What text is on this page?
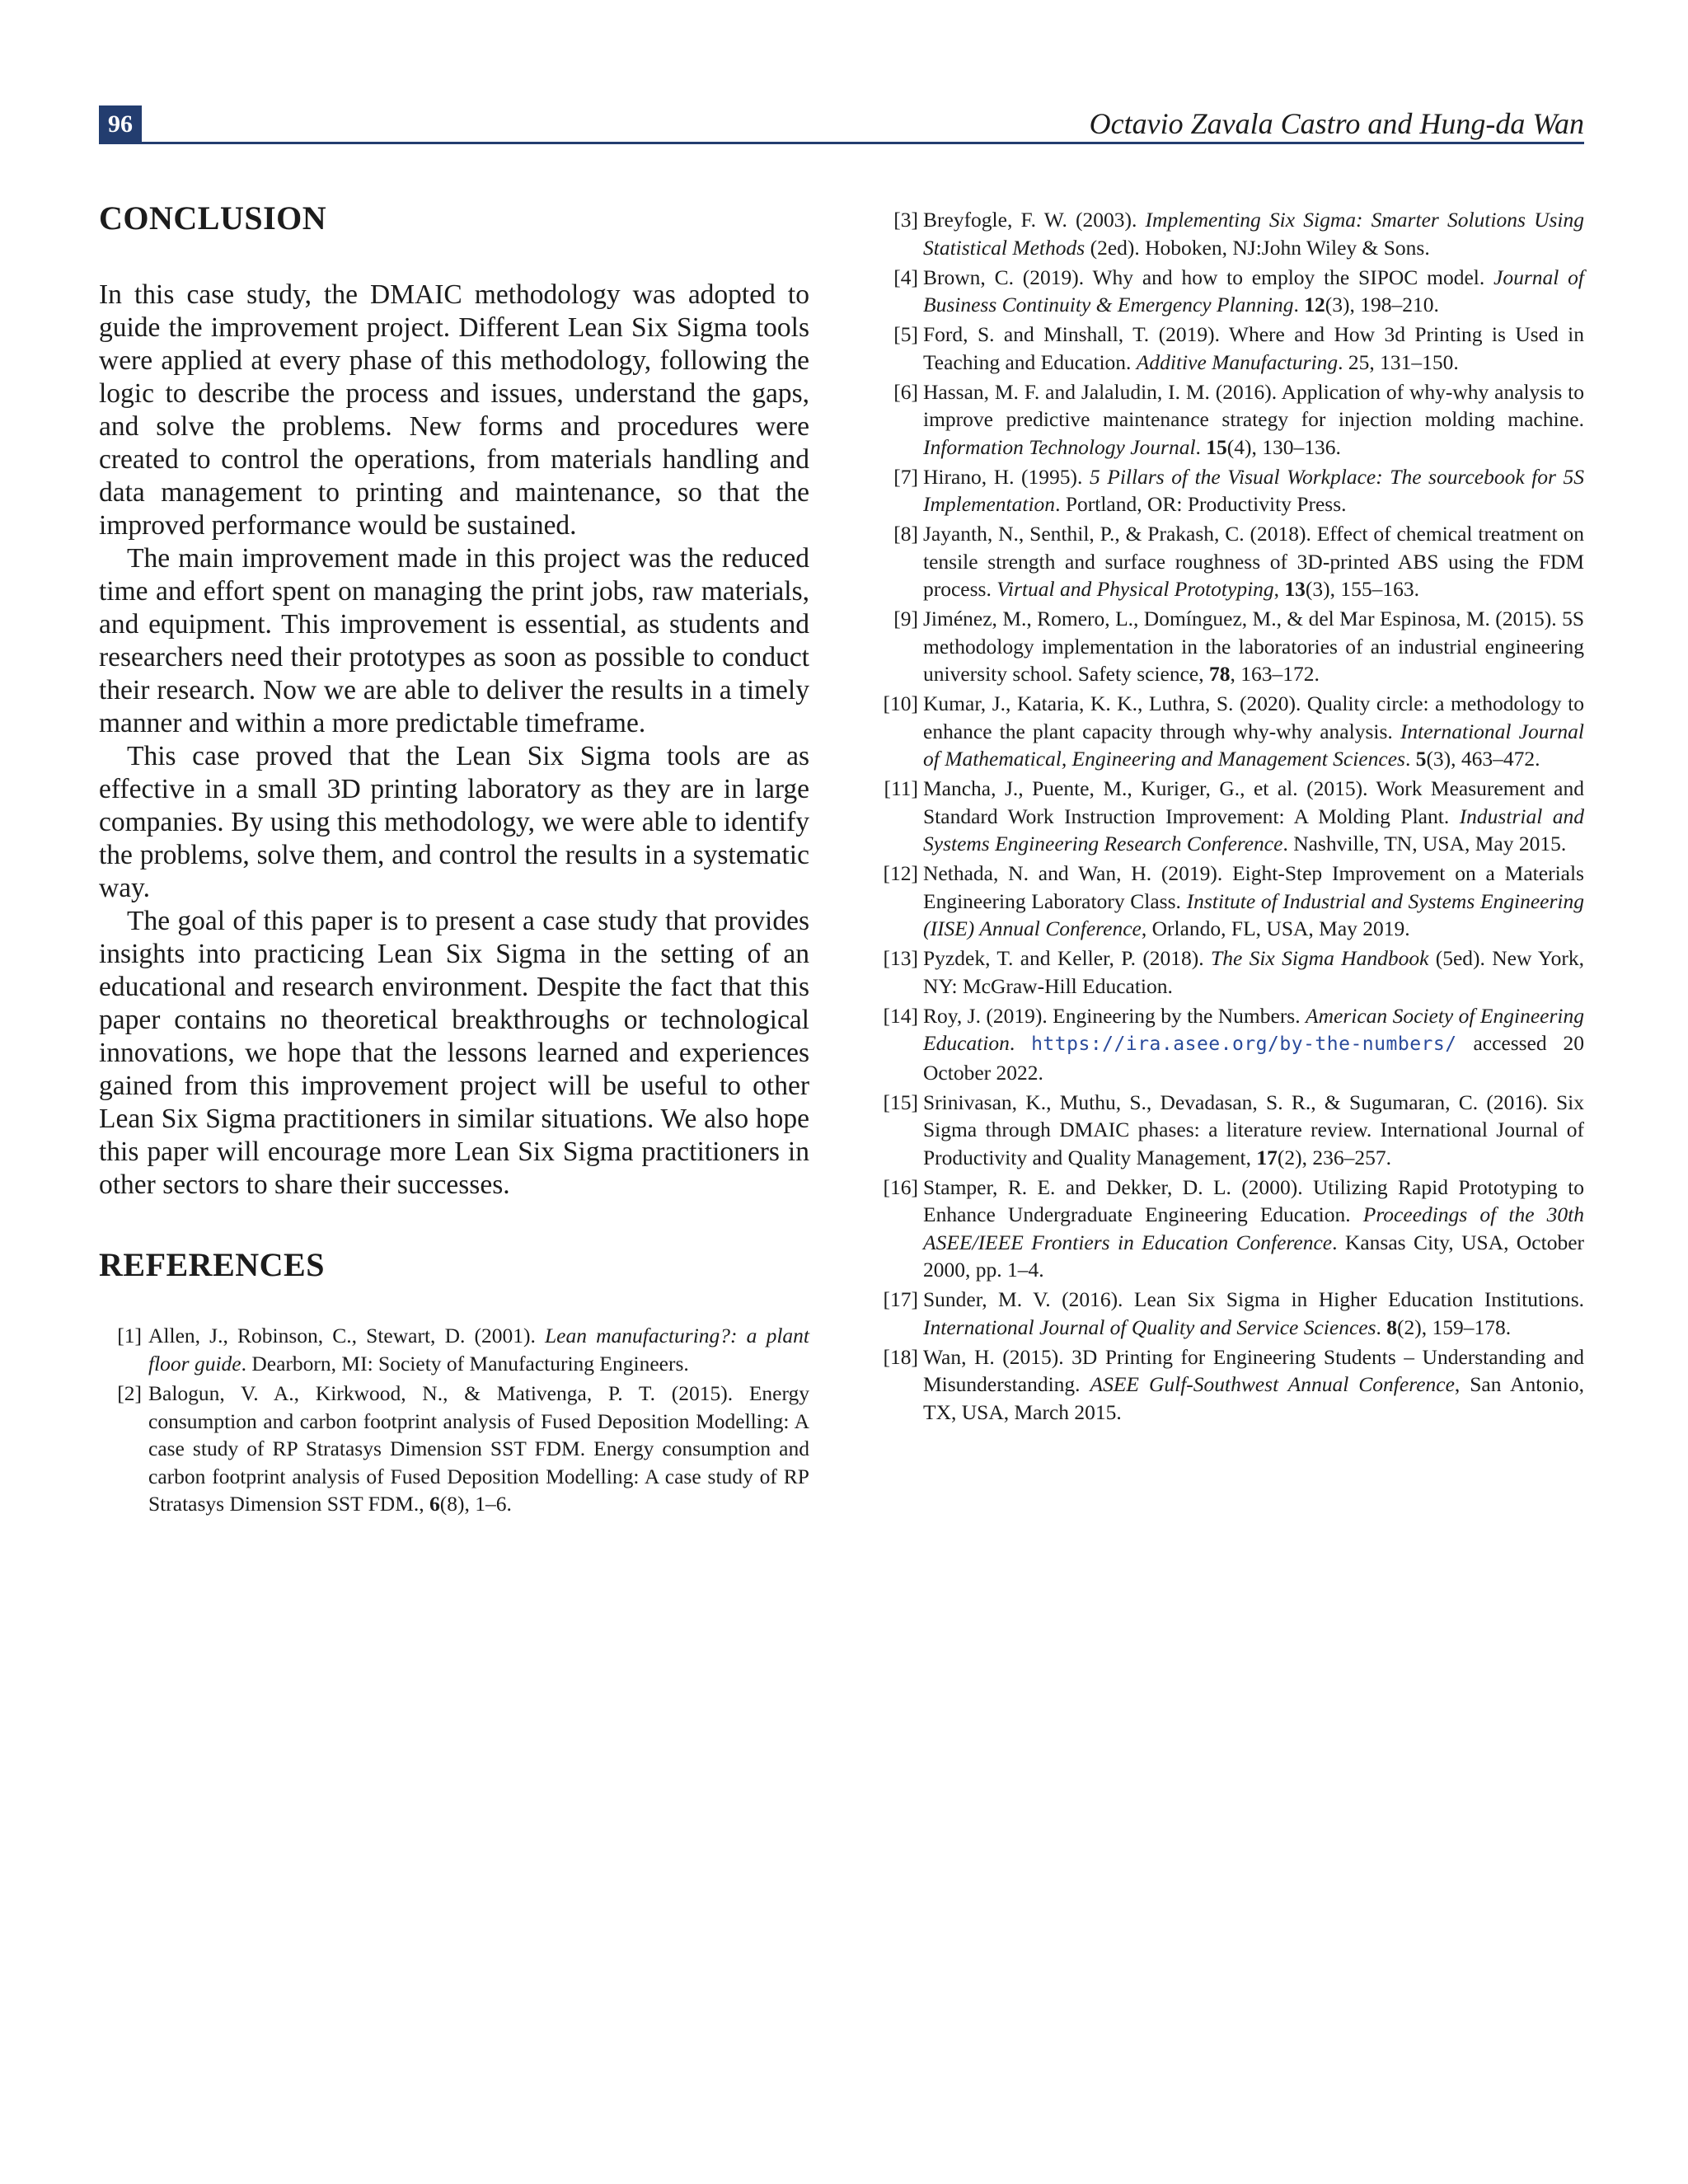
96	Octavio Zavala Castro and Hung-da Wan
CONCLUSION

In this case study, the DMAIC methodology was adopted to guide the improvement project. Different Lean Six Sigma tools were applied at every phase of this methodology, following the logic to describe the process and issues, understand the gaps, and solve the problems. New forms and procedures were created to control the operations, from materials handling and data management to printing and maintenance, so that the improved performance would be sustained.

The main improvement made in this project was the reduced time and effort spent on managing the print jobs, raw materials, and equipment. This improvement is essential, as students and researchers need their prototypes as soon as possible to conduct their research. Now we are able to deliver the results in a timely manner and within a more predictable timeframe.

This case proved that the Lean Six Sigma tools are as effective in a small 3D printing laboratory as they are in large companies. By using this methodology, we were able to identify the problems, solve them, and control the results in a systematic way.

The goal of this paper is to present a case study that provides insights into practicing Lean Six Sigma in the setting of an educational and research environment. Despite the fact that this paper contains no theoretical breakthroughs or technological innovations, we hope that the lessons learned and experiences gained from this improvement project will be useful to other Lean Six Sigma practitioners in similar situations. We also hope this paper will encourage more Lean Six Sigma practitioners in other sectors to share their successes.

REFERENCES
[1] Allen, J., Robinson, C., Stewart, D. (2001). Lean manufacturing?: a plant floor guide. Dearborn, MI: Society of Manufacturing Engineers.
[2] Balogun, V. A., Kirkwood, N., & Mativenga, P. T. (2015). Energy consumption and carbon footprint analysis of Fused Deposition Modelling: A case study of RP Stratasys Dimension SST FDM. Energy consumption and carbon footprint analysis of Fused Deposition Modelling: A case study of RP Stratasys Dimension SST FDM., 6(8), 1–6.
[3] Breyfogle, F. W. (2003). Implementing Six Sigma: Smarter Solutions Using Statistical Methods (2ed). Hoboken, NJ:John Wiley & Sons.
[4] Brown, C. (2019). Why and how to employ the SIPOC model. Journal of Business Continuity & Emergency Planning. 12(3), 198–210.
[5] Ford, S. and Minshall, T. (2019). Where and How 3d Printing is Used in Teaching and Education. Additive Manufacturing. 25, 131–150.
[6] Hassan, M. F. and Jalaludin, I. M. (2016). Application of why-why analysis to improve predictive maintenance strategy for injection molding machine. Information Technology Journal. 15(4), 130–136.
[7] Hirano, H. (1995). 5 Pillars of the Visual Workplace: The sourcebook for 5S Implementation. Portland, OR: Productivity Press.
[8] Jayanth, N., Senthil, P., & Prakash, C. (2018). Effect of chemical treatment on tensile strength and surface roughness of 3D-printed ABS using the FDM process. Virtual and Physical Prototyping, 13(3), 155–163.
[9] Jiménez, M., Romero, L., Domínguez, M., & del Mar Espinosa, M. (2015). 5S methodology implementation in the laboratories of an industrial engineering university school. Safety science, 78, 163–172.
[10] Kumar, J., Kataria, K. K., Luthra, S. (2020). Quality circle: a methodology to enhance the plant capacity through why-why analysis. International Journal of Mathematical, Engineering and Management Sciences. 5(3), 463–472.
[11] Mancha, J., Puente, M., Kuriger, G., et al. (2015). Work Measurement and Standard Work Instruction Improvement: A Molding Plant. Industrial and Systems Engineering Research Conference. Nashville, TN, USA, May 2015.
[12] Nethada, N. and Wan, H. (2019). Eight-Step Improvement on a Materials Engineering Laboratory Class. Institute of Industrial and Systems Engineering (IISE) Annual Conference, Orlando, FL, USA, May 2019.
[13] Pyzdek, T. and Keller, P. (2018). The Six Sigma Handbook (5ed). New York, NY: McGraw-Hill Education.
[14] Roy, J. (2019). Engineering by the Numbers. American Society of Engineering Education. https://ira.asee.org/by-the-numbers/ accessed 20 October 2022.
[15] Srinivasan, K., Muthu, S., Devadasan, S. R., & Sugumaran, C. (2016). Six Sigma through DMAIC phases: a literature review. International Journal of Productivity and Quality Management, 17(2), 236–257.
[16] Stamper, R. E. and Dekker, D. L. (2000). Utilizing Rapid Prototyping to Enhance Undergraduate Engineering Education. Proceedings of the 30th ASEE/IEEE Frontiers in Education Conference. Kansas City, USA, October 2000, pp. 1–4.
[17] Sunder, M. V. (2016). Lean Six Sigma in Higher Education Institutions. International Journal of Quality and Service Sciences. 8(2), 159–178.
[18] Wan, H. (2015). 3D Printing for Engineering Students – Understanding and Misunderstanding. ASEE Gulf-Southwest Annual Conference, San Antonio, TX, USA, March 2015.
